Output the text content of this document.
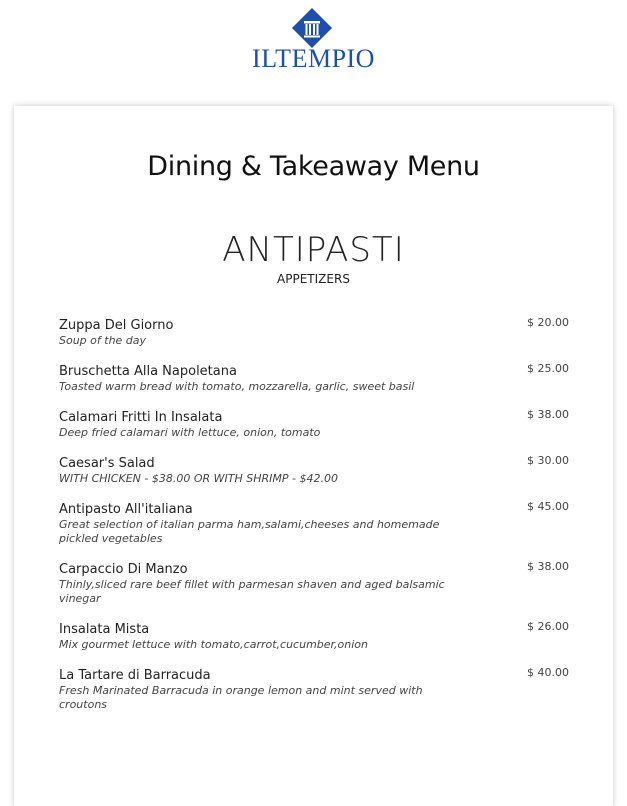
ILTEMPIO
Dining & Takeaway Menu
ANTIPASTI
APPETIZERS
Zuppa Del Giorno
Soup of the day
$ 20.00
Bruschetta Alla Napoletana
Toasted warm bread with tomato, mozzarella, garlic, sweet basil
$ 25.00
Calamari Fritti In Insalata
Deep fried calamari with lettuce, onion, tomato
$ 38.00
Caesar's Salad
WITH CHICKEN - $38.00 OR WITH SHRIMP - $42.00
$ 30.00
Antipasto All'italiana
Great selection of italian parma ham,salami,cheeses and homemade pickled vegetables
$ 45.00
Carpaccio Di Manzo
Thinly,sliced rare beef fillet with parmesan shaven and aged balsamic vinegar
$ 38.00
Insalata Mista
Mix gourmet lettuce with tomato,carrot,cucumber,onion
$ 26.00
La Tartare di Barracuda
Fresh Marinated Barracuda in orange lemon and mint served with croutons
$ 40.00
